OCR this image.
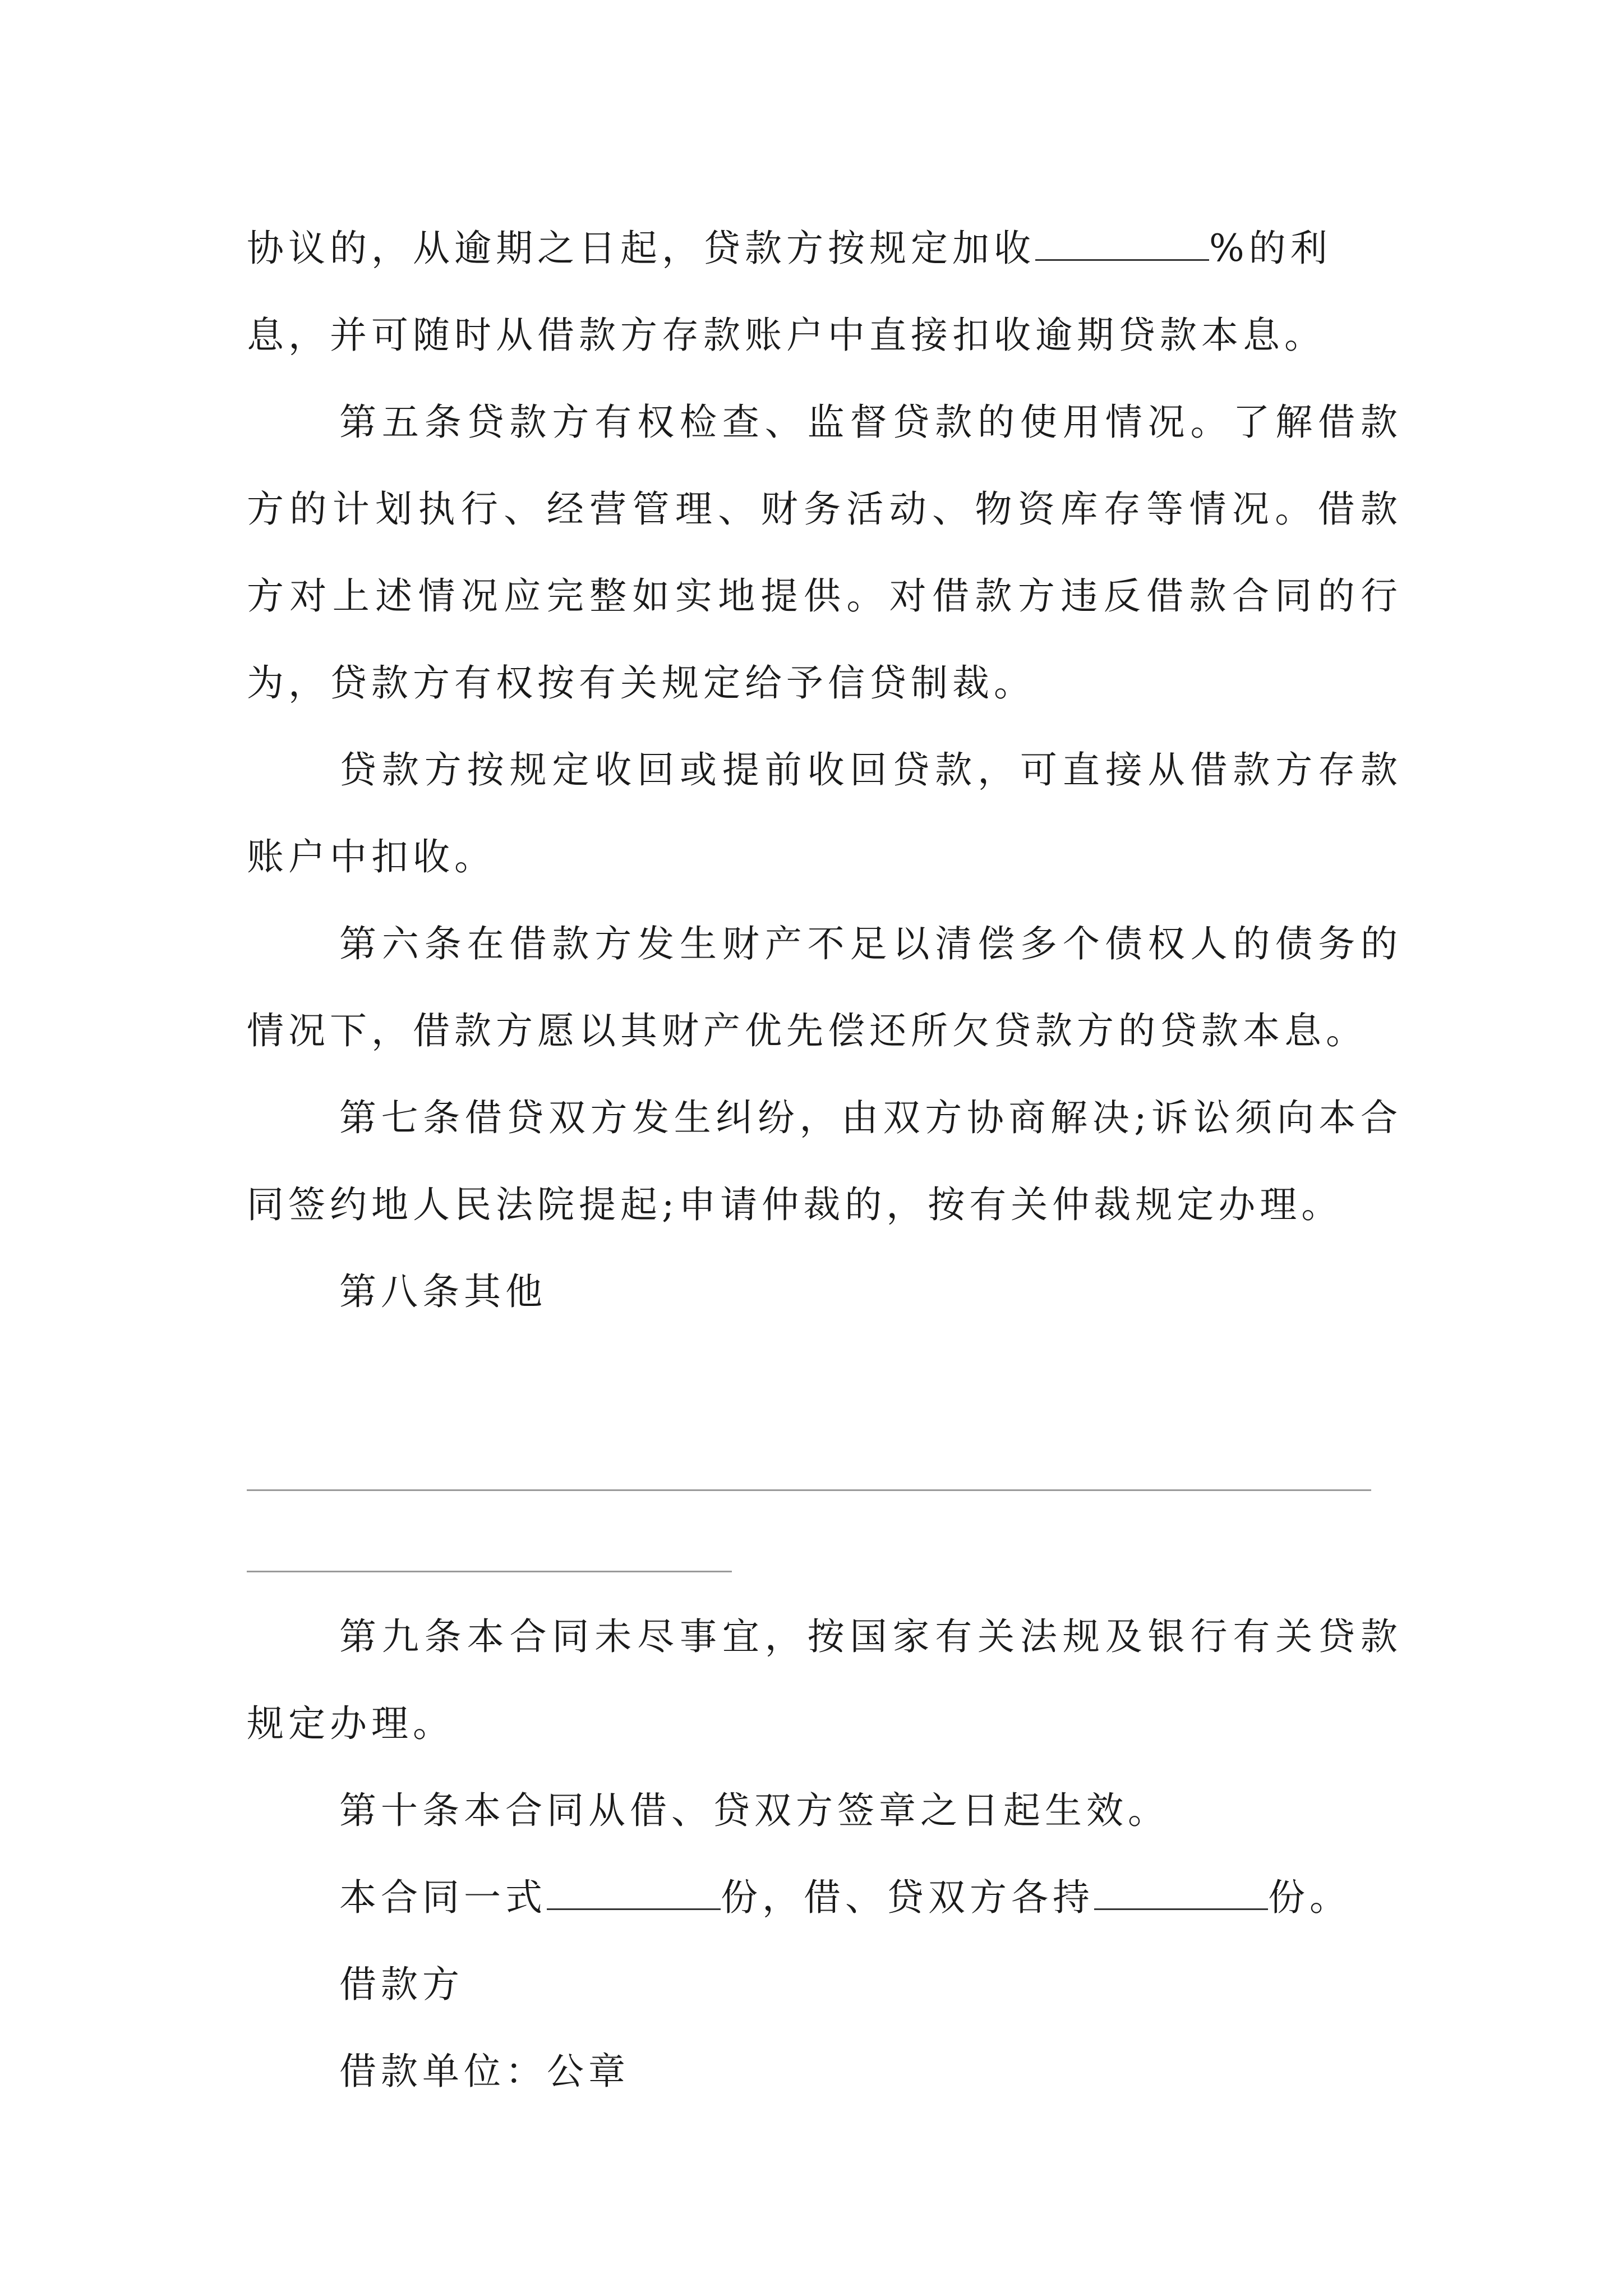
协议的，从逾期之日起，贷款方按规定加收	%的利
息，并可随时从借款方存款账户中直接扣收逾期贷款本息。

第五条贷款方有权检查、监督贷款的使用情况。了解借款方的计划执行、经营管理、财务活动、物资库存等情况。借款方对上述情况应完整如实地提供。对借款方违反借款合同的行为，贷款方有权按有关规定给予信贷制裁。

贷款方按规定收回或提前收回贷款，可直接从借款方存款账户中扣收。

第六条在借款方发生财产不足以清偿多个债权人的债务的情况下，借款方愿以其财产优先偿还所欠贷款方的贷款本息。

第七条借贷双方发生纠纷，由双方协商解决;诉讼须向本合同签约地人民法院提起;申请仲裁的，按有关仲裁规定办理。

第八条其他

第九条本合同未尽事宜，按国家有关法规及银行有关贷款规定办理。

第十条本合同从借、贷双方签章之日起生效。

本合同一式	份，借、贷双方各持	份。

借款方

借款单位：公章
